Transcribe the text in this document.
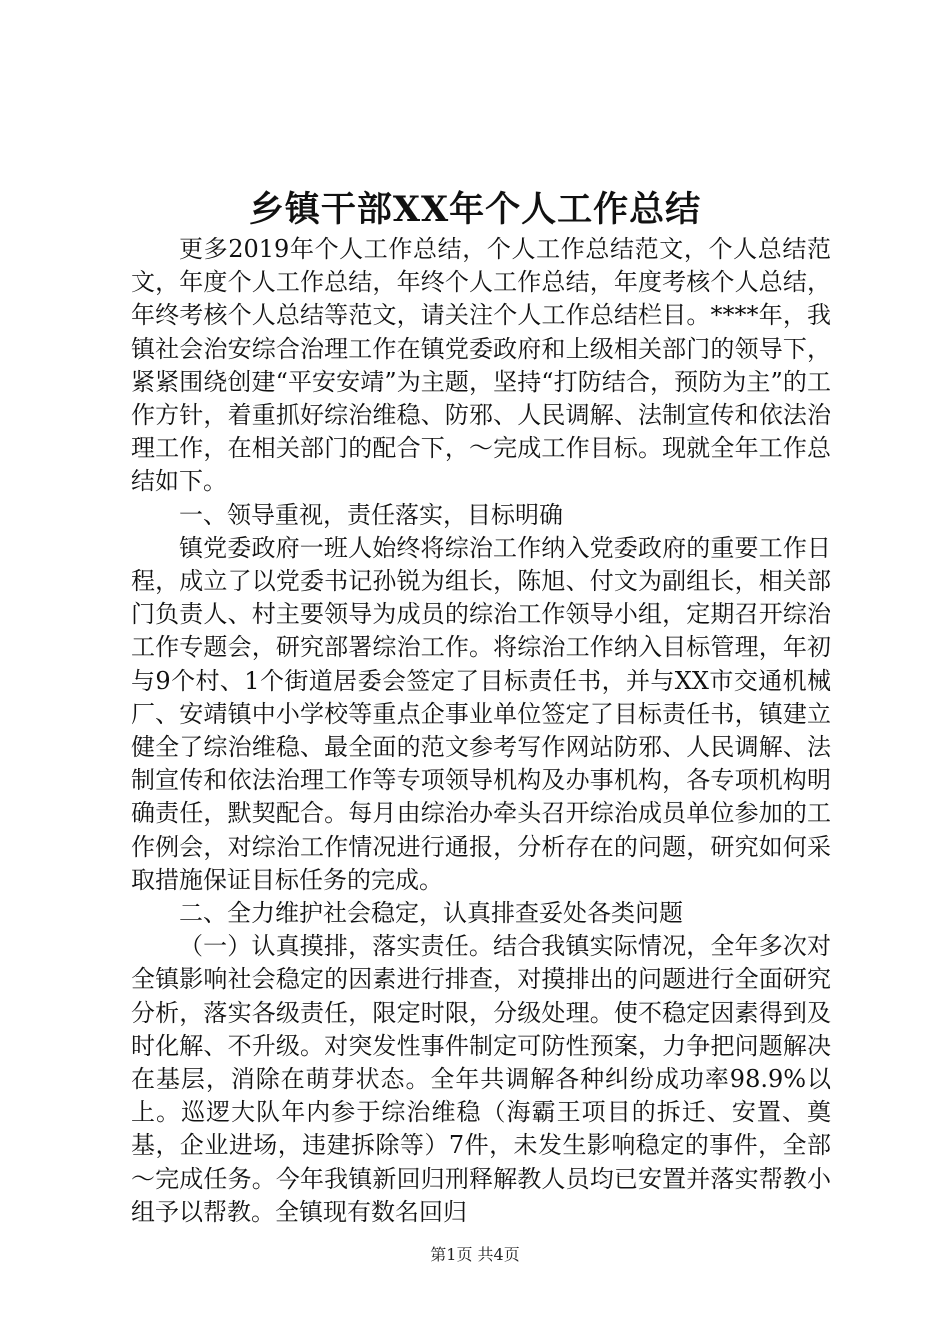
乡镇干部XX年个人工作总结

更多2019年个人工作总结，个人工作总结范文，个人总结范文，年度个人工作总结，年终个人工作总结，年度考核个人总结，年终考核个人总结等范文，请关注个人工作总结栏目。****年，我镇社会治安综合治理工作在镇党委政府和上级相关部门的领导下，紧紧围绕创建“平安安靖”为主题，坚持“打防结合，预防为主”的工作方针，着重抓好综治维稳、防邪、人民调解、法制宣传和依法治理工作，在相关部门的配合下，～完成工作目标。现就全年工作总结如下。

一、领导重视，责任落实，目标明确

镇党委政府一班人始终将综治工作纳入党委政府的重要工作日程，成立了以党委书记孙锐为组长，陈旭、付文为副组长，相关部门负责人、村主要领导为成员的综治工作领导小组，定期召开综治工作专题会，研究部署综治工作。将综治工作纳入目标管理，年初与9个村、1个街道居委会签定了目标责任书，并与XX市交通机械厂、安靖镇中小学校等重点企事业单位签定了目标责任书，镇建立健全了综治维稳、最全面的范文参考写作网站防邪、人民调解、法制宣传和依法治理工作等专项领导机构及办事机构，各专项机构明确责任，默契配合。每月由综治办牵头召开综治成员单位参加的工作例会，对综治工作情况进行通报，分析存在的问题，研究如何采取措施保证目标任务的完成。

二、全力维护社会稳定，认真排查妥处各类问题

（一）认真摸排，落实责任。结合我镇实际情况，全年多次对全镇影响社会稳定的因素进行排查，对摸排出的问题进行全面研究分析，落实各级责任，限定时限，分级处理。使不稳定因素得到及时化解、不升级。对突发性事件制定可防性预案，力争把问题解决在基层，消除在萌芽状态。全年共调解各种纠纷成功率98.9%以上。巡逻大队年内参于综治维稳（海霸王项目的拆迁、安置、奠基，企业进场，违建拆除等）7件，未发生影响稳定的事件，全部～完成任务。今年我镇新回归刑释解教人员均已安置并落实帮教小组予以帮教。全镇现有数名回归

第1页 共4页
